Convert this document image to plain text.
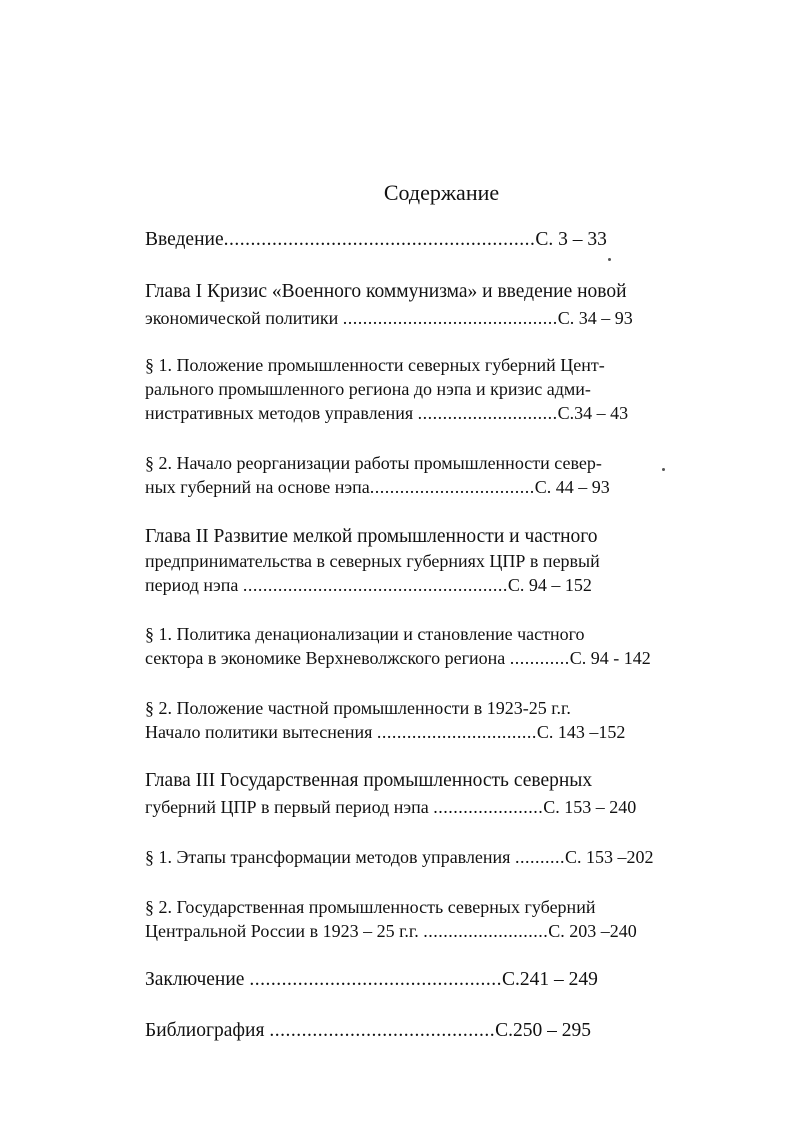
Содержание
Введение..........................................................С. 3 – 33
Глава I Кризис «Военного коммунизма» и введение новой
экономической политики ...........................................С. 34 – 93
§ 1. Положение промышленности северных губерний Цент-
рального промышленного региона до нэпа и кризис адми-
нистративных методов управления ............................С.34 – 43
§ 2. Начало реорганизации работы промышленности север-
ных губерний на основе нэпа.................................С. 44 – 93
Глава II Развитие мелкой промышленности и частного
предпринимательства в северных губерниях ЦПР в первый
период нэпа .....................................................С. 94 – 152
§ 1. Политика денационализации и становление частного
сектора в экономике Верхневолжского региона ............С. 94 - 142
§ 2. Положение частной промышленности в 1923-25 г.г.
Начало политики вытеснения ................................С. 143 –152
Глава III Государственная промышленность северных
губерний ЦПР в первый период нэпа ......................С. 153 – 240
§ 1. Этапы трансформации методов управления ..........С. 153 –202
§ 2. Государственная промышленность северных губерний
Центральной России в 1923 – 25 г.г. .........................С. 203 –240
Заключение ...............................................С.241 – 249
Библиография ..........................................С.250 – 295
